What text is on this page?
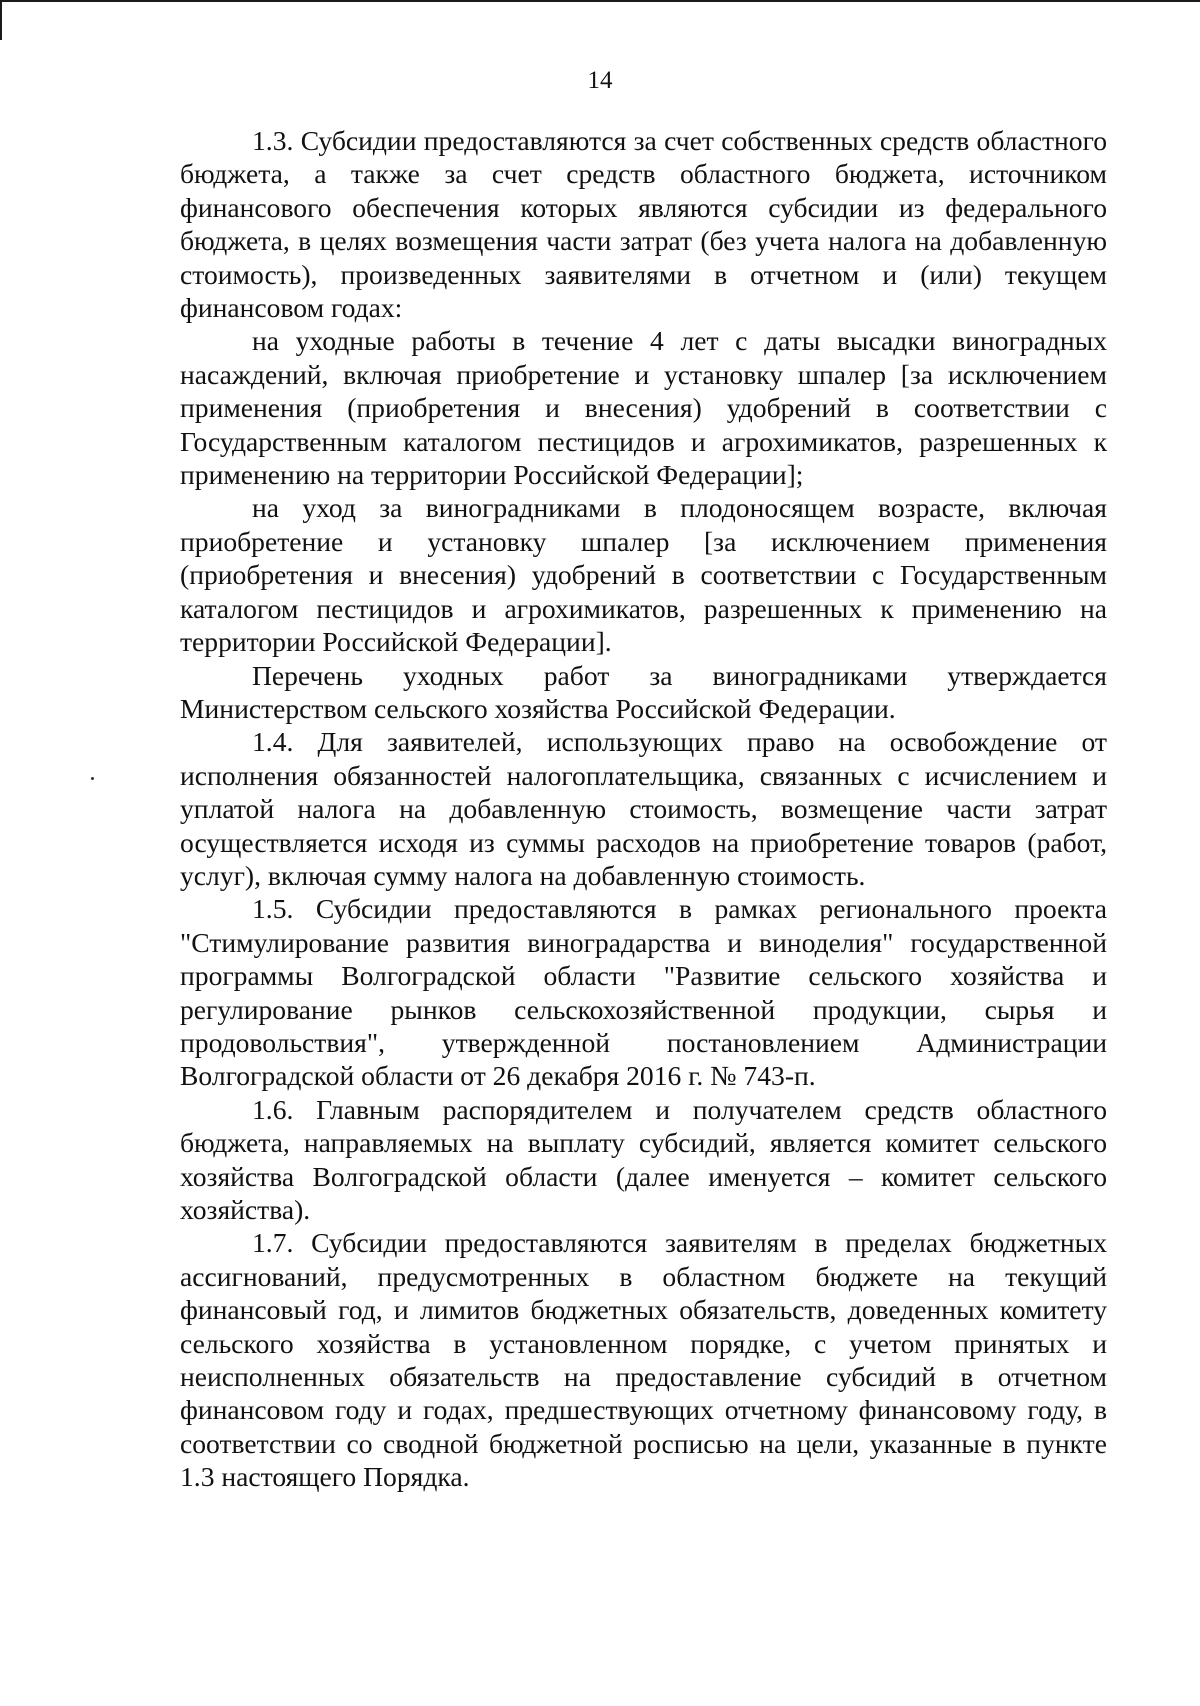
14

1.3. Субсидии предоставляются за счет собственных средств областного бюджета, а также за счет средств областного бюджета, источником финансового обеспечения которых являются субсидии из федерального бюджета, в целях возмещения части затрат (без учета налога на добавленную стоимость), произведенных заявителями в отчетном и (или) текущем финансовом годах:

на уходные работы в течение 4 лет с даты высадки виноградных насаждений, включая приобретение и установку шпалер [за исключением применения (приобретения и внесения) удобрений в соответствии с Государственным каталогом пестицидов и агрохимикатов, разрешенных к применению на территории Российской Федерации];

на уход за виноградниками в плодоносящем возрасте, включая приобретение и установку шпалер [за исключением применения (приобретения и внесения) удобрений в соответствии с Государственным каталогом пестицидов и агрохимикатов, разрешенных к применению на территории Российской Федерации].

Перечень уходных работ за виноградниками утверждается Министерством сельского хозяйства Российской Федерации.

1.4. Для заявителей, использующих право на освобождение от исполнения обязанностей налогоплательщика, связанных с исчислением и уплатой налога на добавленную стоимость, возмещение части затрат осуществляется исходя из суммы расходов на приобретение товаров (работ, услуг), включая сумму налога на добавленную стоимость.

1.5. Субсидии предоставляются в рамках регионального проекта "Стимулирование развития виноградарства и виноделия" государственной программы Волгоградской области "Развитие сельского хозяйства и регулирование рынков сельскохозяйственной продукции, сырья и продовольствия", утвержденной постановлением Администрации Волгоградской области от 26 декабря 2016 г. № 743-п.

1.6. Главным распорядителем и получателем средств областного бюджета, направляемых на выплату субсидий, является комитет сельского хозяйства Волгоградской области (далее именуется – комитет сельского хозяйства).

1.7. Субсидии предоставляются заявителям в пределах бюджетных ассигнований, предусмотренных в областном бюджете на текущий финансовый год, и лимитов бюджетных обязательств, доведенных комитету сельского хозяйства в установленном порядке, с учетом принятых и неисполненных обязательств на предоставление субсидий в отчетном финансовом году и годах, предшествующих отчетному финансовому году, в соответствии со сводной бюджетной росписью на цели, указанные в пункте 1.3 настоящего Порядка.
